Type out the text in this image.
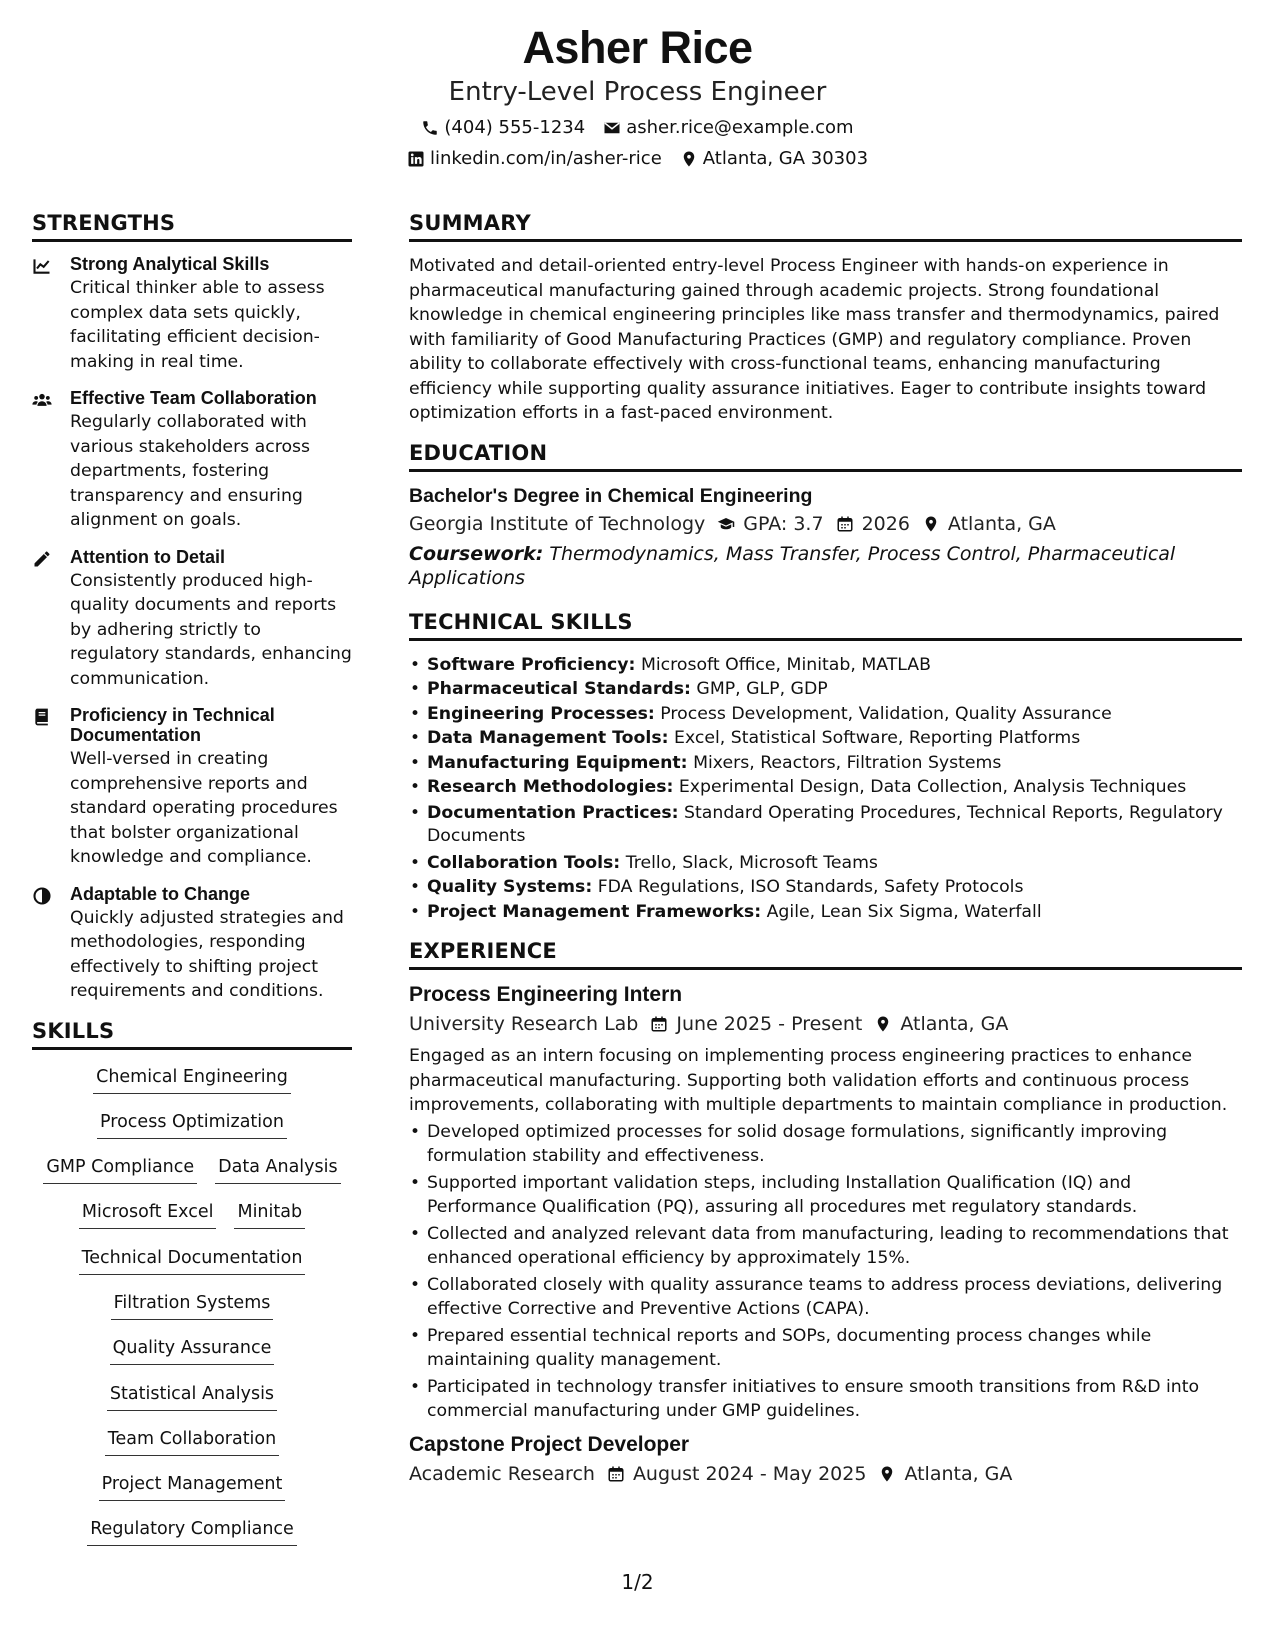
Asher Rice
Entry-Level Process Engineer
(404) 555-1234 asher.rice@example.com
linkedin.com/in/asher-rice Atlanta, GA 30303
STRENGTHS
Strong Analytical Skills
Critical thinker able to assess complex data sets quickly, facilitating efficient decision-making in real time.
Effective Team Collaboration
Regularly collaborated with various stakeholders across departments, fostering transparency and ensuring alignment on goals.
Attention to Detail
Consistently produced high-quality documents and reports by adhering strictly to regulatory standards, enhancing communication.
Proficiency in Technical Documentation
Well-versed in creating comprehensive reports and standard operating procedures that bolster organizational knowledge and compliance.
Adaptable to Change
Quickly adjusted strategies and methodologies, responding effectively to shifting project requirements and conditions.
SKILLS
Chemical Engineering
Process Optimization
GMP Compliance Data Analysis
Microsoft Excel Minitab
Technical Documentation
Filtration Systems
Quality Assurance
Statistical Analysis
Team Collaboration
Project Management
Regulatory Compliance
SUMMARY
Motivated and detail-oriented entry-level Process Engineer with hands-on experience in pharmaceutical manufacturing gained through academic projects. Strong foundational knowledge in chemical engineering principles like mass transfer and thermodynamics, paired with familiarity of Good Manufacturing Practices (GMP) and regulatory compliance. Proven ability to collaborate effectively with cross-functional teams, enhancing manufacturing efficiency while supporting quality assurance initiatives. Eager to contribute insights toward optimization efforts in a fast-paced environment.
EDUCATION
Bachelor's Degree in Chemical Engineering
Georgia Institute of Technology GPA: 3.7 2026 Atlanta, GA
Coursework: Thermodynamics, Mass Transfer, Process Control, Pharmaceutical Applications
TECHNICAL SKILLS
• Software Proficiency: Microsoft Office, Minitab, MATLAB
• Pharmaceutical Standards: GMP, GLP, GDP
• Engineering Processes: Process Development, Validation, Quality Assurance
• Data Management Tools: Excel, Statistical Software, Reporting Platforms
• Manufacturing Equipment: Mixers, Reactors, Filtration Systems
• Research Methodologies: Experimental Design, Data Collection, Analysis Techniques
• Documentation Practices: Standard Operating Procedures, Technical Reports, Regulatory Documents
• Collaboration Tools: Trello, Slack, Microsoft Teams
• Quality Systems: FDA Regulations, ISO Standards, Safety Protocols
• Project Management Frameworks: Agile, Lean Six Sigma, Waterfall
EXPERIENCE
Process Engineering Intern
University Research Lab June 2025 - Present Atlanta, GA
Engaged as an intern focusing on implementing process engineering practices to enhance pharmaceutical manufacturing. Supporting both validation efforts and continuous process improvements, collaborating with multiple departments to maintain compliance in production.
• Developed optimized processes for solid dosage formulations, significantly improving formulation stability and effectiveness.
• Supported important validation steps, including Installation Qualification (IQ) and Performance Qualification (PQ), assuring all procedures met regulatory standards.
• Collected and analyzed relevant data from manufacturing, leading to recommendations that enhanced operational efficiency by approximately 15%.
• Collaborated closely with quality assurance teams to address process deviations, delivering effective Corrective and Preventive Actions (CAPA).
• Prepared essential technical reports and SOPs, documenting process changes while maintaining quality management.
• Participated in technology transfer initiatives to ensure smooth transitions from R&D into commercial manufacturing under GMP guidelines.
Capstone Project Developer
Academic Research August 2024 - May 2025 Atlanta, GA
1/2
